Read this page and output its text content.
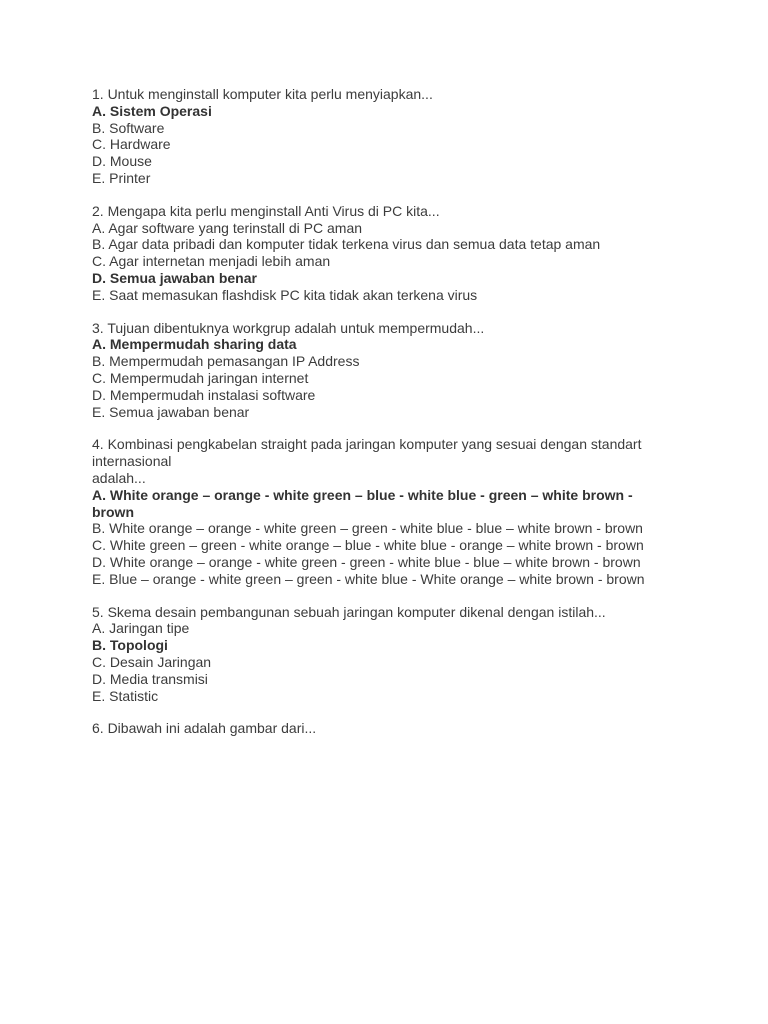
1. Untuk menginstall komputer kita perlu menyiapkan...
A. Sistem Operasi
B. Software
C. Hardware
D. Mouse
E. Printer
2. Mengapa kita perlu menginstall Anti Virus di PC kita...
A. Agar software yang terinstall di PC aman
B. Agar data pribadi dan komputer tidak terkena virus dan semua data tetap aman
C. Agar internetan menjadi lebih aman
D. Semua jawaban benar
E. Saat memasukan flashdisk PC kita tidak akan terkena virus
3. Tujuan dibentuknya workgrup adalah untuk mempermudah...
A. Mempermudah sharing data
B. Mempermudah pemasangan IP Address
C. Mempermudah jaringan internet
D. Mempermudah instalasi software
E. Semua jawaban benar
4. Kombinasi pengkabelan straight pada jaringan komputer yang sesuai dengan standart internasional
adalah...
A. White orange – orange - white green – blue - white blue - green – white brown - brown
B. White orange – orange - white green – green - white blue - blue – white brown - brown
C. White green – green - white orange – blue - white blue - orange – white brown - brown
D. White orange – orange - white green - green - white blue - blue – white brown - brown
E. Blue – orange - white green – green - white blue - White orange – white brown - brown
5. Skema desain pembangunan sebuah jaringan komputer dikenal dengan istilah...
A. Jaringan tipe
B. Topologi
C. Desain Jaringan
D. Media transmisi
E. Statistic
6. Dibawah ini adalah gambar dari...
